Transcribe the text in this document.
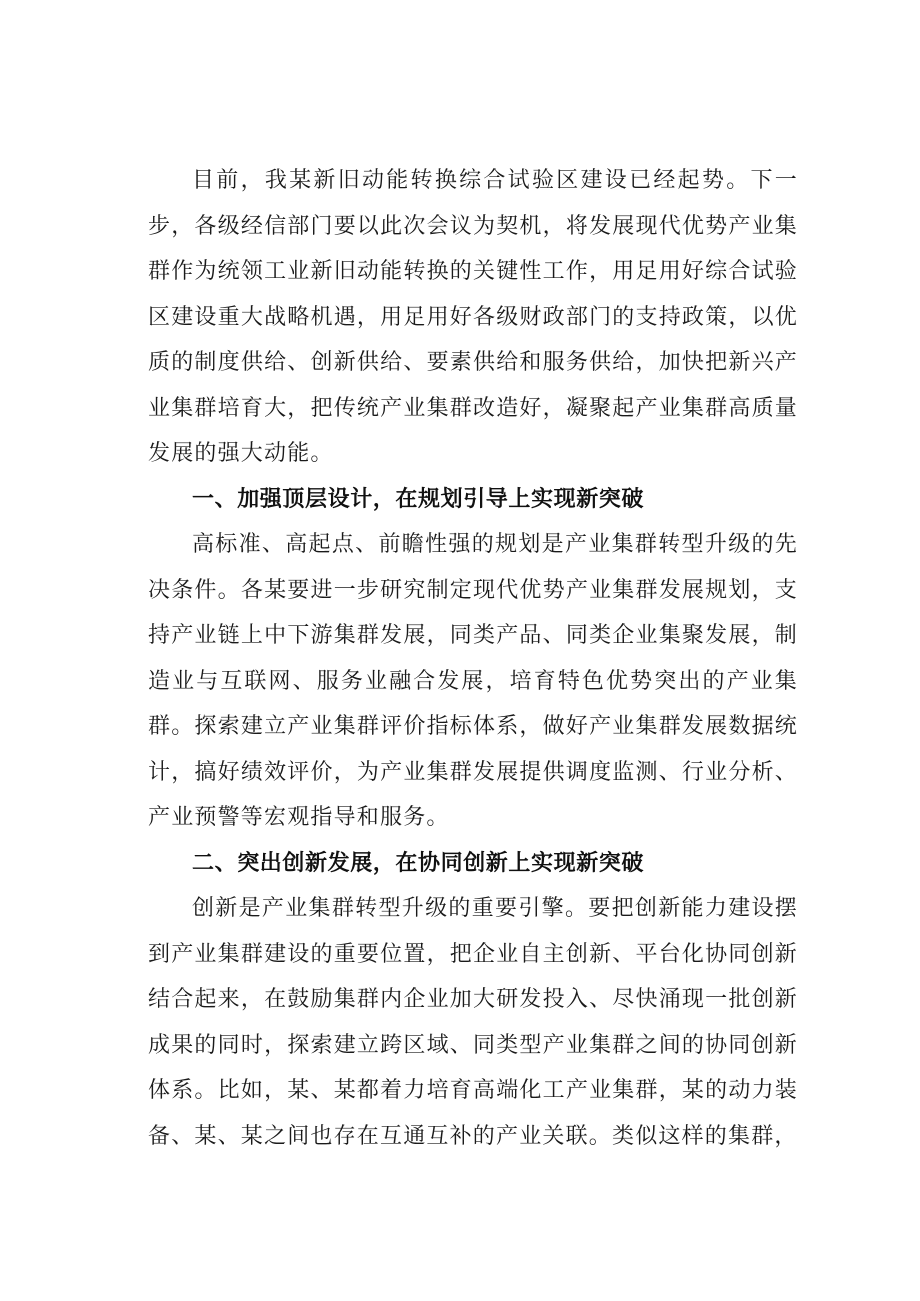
目前，我某新旧动能转换综合试验区建设已经起势。下一步，各级经信部门要以此次会议为契机，将发展现代优势产业集群作为统领工业新旧动能转换的关键性工作，用足用好综合试验区建设重大战略机遇，用足用好各级财政部门的支持政策，以优质的制度供给、创新供给、要素供给和服务供给，加快把新兴产业集群培育大，把传统产业集群改造好，凝聚起产业集群高质量发展的强大动能。

一、加强顶层设计，在规划引导上实现新突破

高标准、高起点、前瞻性强的规划是产业集群转型升级的先决条件。各某要进一步研究制定现代优势产业集群发展规划，支持产业链上中下游集群发展，同类产品、同类企业集聚发展，制造业与互联网、服务业融合发展，培育特色优势突出的产业集群。探索建立产业集群评价指标体系，做好产业集群发展数据统计，搞好绩效评价，为产业集群发展提供调度监测、行业分析、产业预警等宏观指导和服务。

二、突出创新发展，在协同创新上实现新突破

创新是产业集群转型升级的重要引擎。要把创新能力建设摆到产业集群建设的重要位置，把企业自主创新、平台化协同创新结合起来，在鼓励集群内企业加大研发投入、尽快涌现一批创新成果的同时，探索建立跨区域、同类型产业集群之间的协同创新体系。比如，某、某都着力培育高端化工产业集群，某的动力装备、某、某之间也存在互通互补的产业关联。类似这样的集群，
